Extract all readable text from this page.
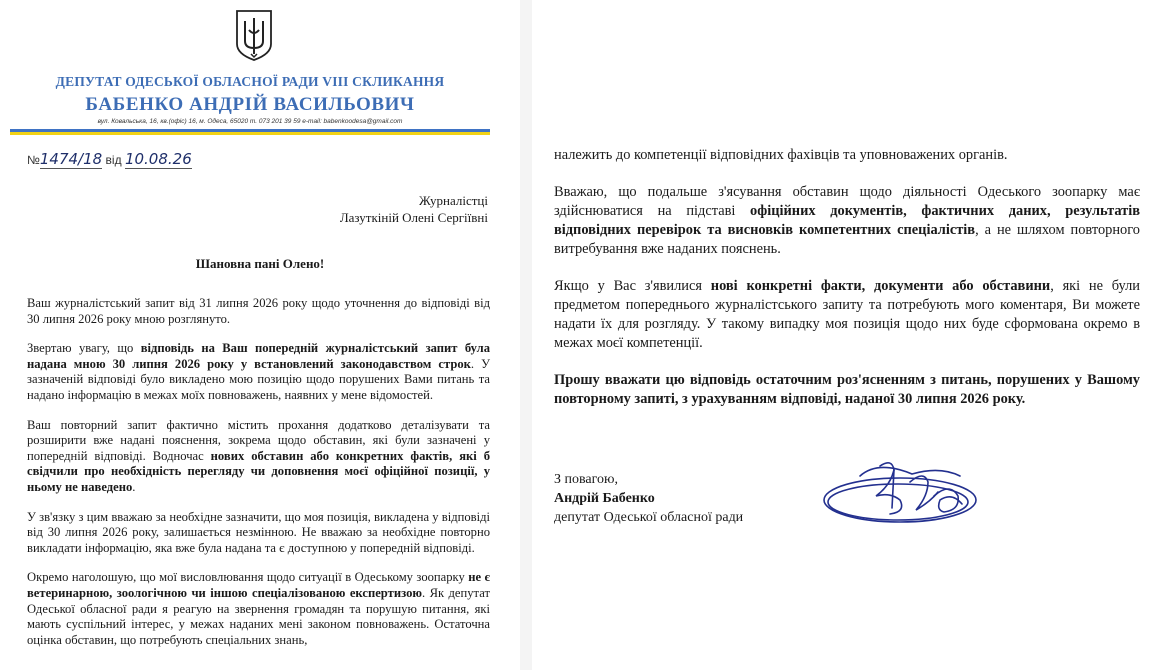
ДЕПУТАТ ОДЕСЬКОЇ ОБЛАСНОЇ РАДИ VIII СКЛИКАННЯ
БАБЕНКО АНДРІЙ ВАСИЛЬОВИЧ
вул. Ковальська, 16, кв.(офіс) 16, м. Одеса, 65020 т. 073 201 39 59 e-mail: babenkoodesa@gmail.com
№1474/18 від 10.08.26
Журналістці
Лазуткіній Олені Сергіївні
Шановна пані Олено!

Ваш журналістський запит від 31 липня 2026 року щодо уточнення до відповіді від 30 липня 2026 року мною розглянуто.

Звертаю увагу, що відповідь на Ваш попередній журналістський запит була надана мною 30 липня 2026 року у встановлений законодавством строк. У зазначеній відповіді було викладено мою позицію щодо порушених Вами питань та надано інформацію в межах моїх повноважень, наявних у мене відомостей.

Ваш повторний запит фактично містить прохання додатково деталізувати та розширити вже надані пояснення, зокрема щодо обставин, які були зазначені у попередній відповіді. Водночас нових обставин або конкретних фактів, які б свідчили про необхідність перегляду чи доповнення моєї офіційної позиції, у ньому не наведено.

У зв'язку з цим вважаю за необхідне зазначити, що моя позиція, викладена у відповіді від 30 липня 2026 року, залишається незмінною. Не вважаю за необхідне повторно викладати інформацію, яка вже була надана та є доступною у попередній відповіді.

Окремо наголошую, що мої висловлювання щодо ситуації в Одеському зоопарку не є ветеринарною, зоологічною чи іншою спеціалізованою експертизою. Як депутат Одеської обласної ради я реагую на звернення громадян та порушую питання, які мають суспільний інтерес, у межах наданих мені законом повноважень. Остаточна оцінка обставин, що потребують спеціальних знань,

належить до компетенції відповідних фахівців та уповноважених органів.

Вважаю, що подальше з'ясування обставин щодо діяльності Одеського зоопарку має здійснюватися на підставі офіційних документів, фактичних даних, результатів відповідних перевірок та висновків компетентних спеціалістів, а не шляхом повторного витребування вже наданих пояснень.

Якщо у Вас з'явилися нові конкретні факти, документи або обставини, які не були предметом попереднього журналістського запиту та потребують мого коментаря, Ви можете надати їх для розгляду. У такому випадку моя позиція щодо них буде сформована окремо в межах моєї компетенції.

Прошу вважати цю відповідь остаточним роз'ясненням з питань, порушених у Вашому повторному запиті, з урахуванням відповіді, наданої 30 липня 2026 року.

З повагою,
Андрій Бабенко
депутат Одеської обласної ради
